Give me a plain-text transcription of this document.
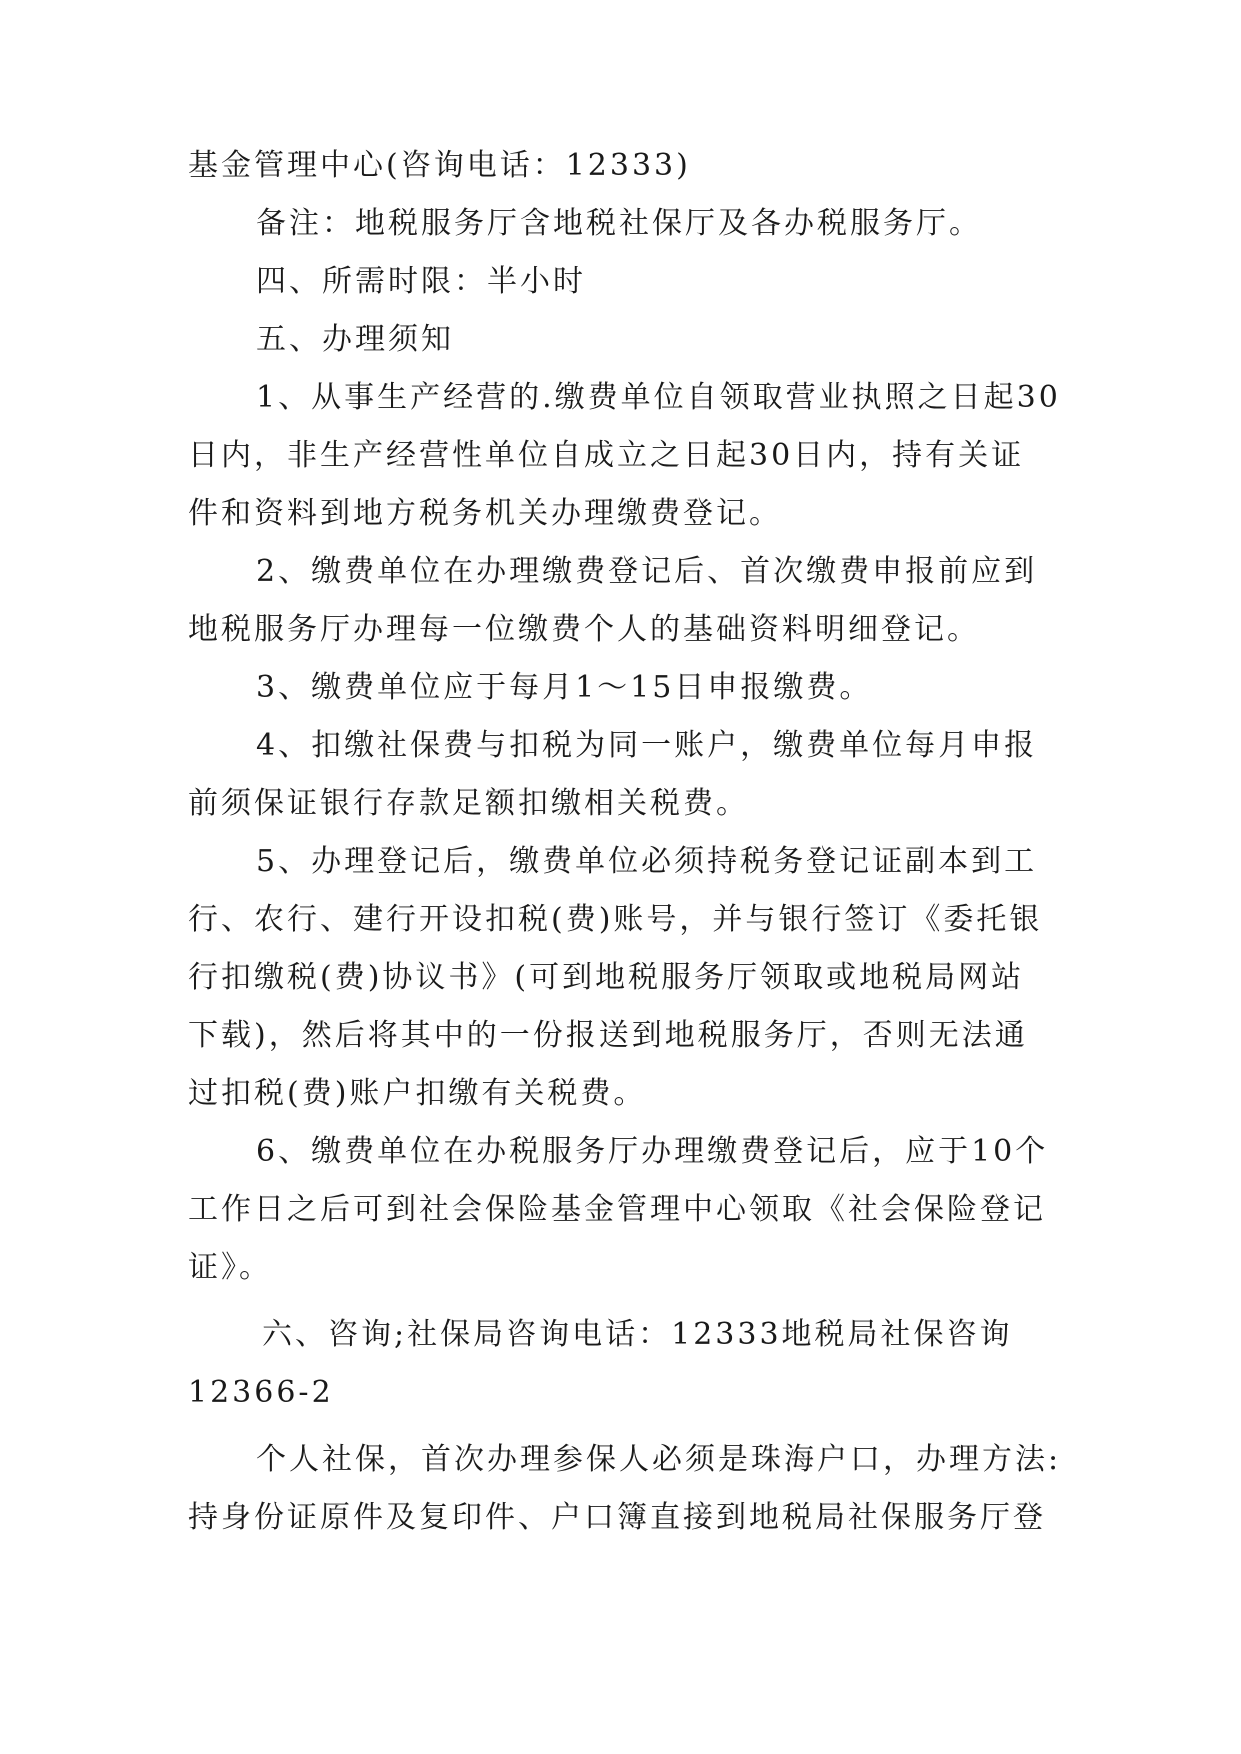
基金管理中心(咨询电话：12333)
备注：地税服务厅含地税社保厅及各办税服务厅。
四、所需时限：半小时
五、办理须知
1、从事生产经营的.缴费单位自领取营业执照之日起30
日内，非生产经营性单位自成立之日起30日内，持有关证
件和资料到地方税务机关办理缴费登记。
2、缴费单位在办理缴费登记后、首次缴费申报前应到
地税服务厅办理每一位缴费个人的基础资料明细登记。
3、缴费单位应于每月1～15日申报缴费。
4、扣缴社保费与扣税为同一账户，缴费单位每月申报
前须保证银行存款足额扣缴相关税费。
5、办理登记后，缴费单位必须持税务登记证副本到工
行、农行、建行开设扣税(费)账号，并与银行签订《委托银
行扣缴税(费)协议书》(可到地税服务厅领取或地税局网站
下载)，然后将其中的一份报送到地税服务厅，否则无法通
过扣税(费)账户扣缴有关税费。
6、缴费单位在办税服务厅办理缴费登记后，应于10个
工作日之后可到社会保险基金管理中心领取《社会保险登记
证》。
六、咨询;社保局咨询电话：12333地税局社保咨询
12366-2
个人社保，首次办理参保人必须是珠海户口，办理方法:
持身份证原件及复印件、户口簿直接到地税局社保服务厅登
